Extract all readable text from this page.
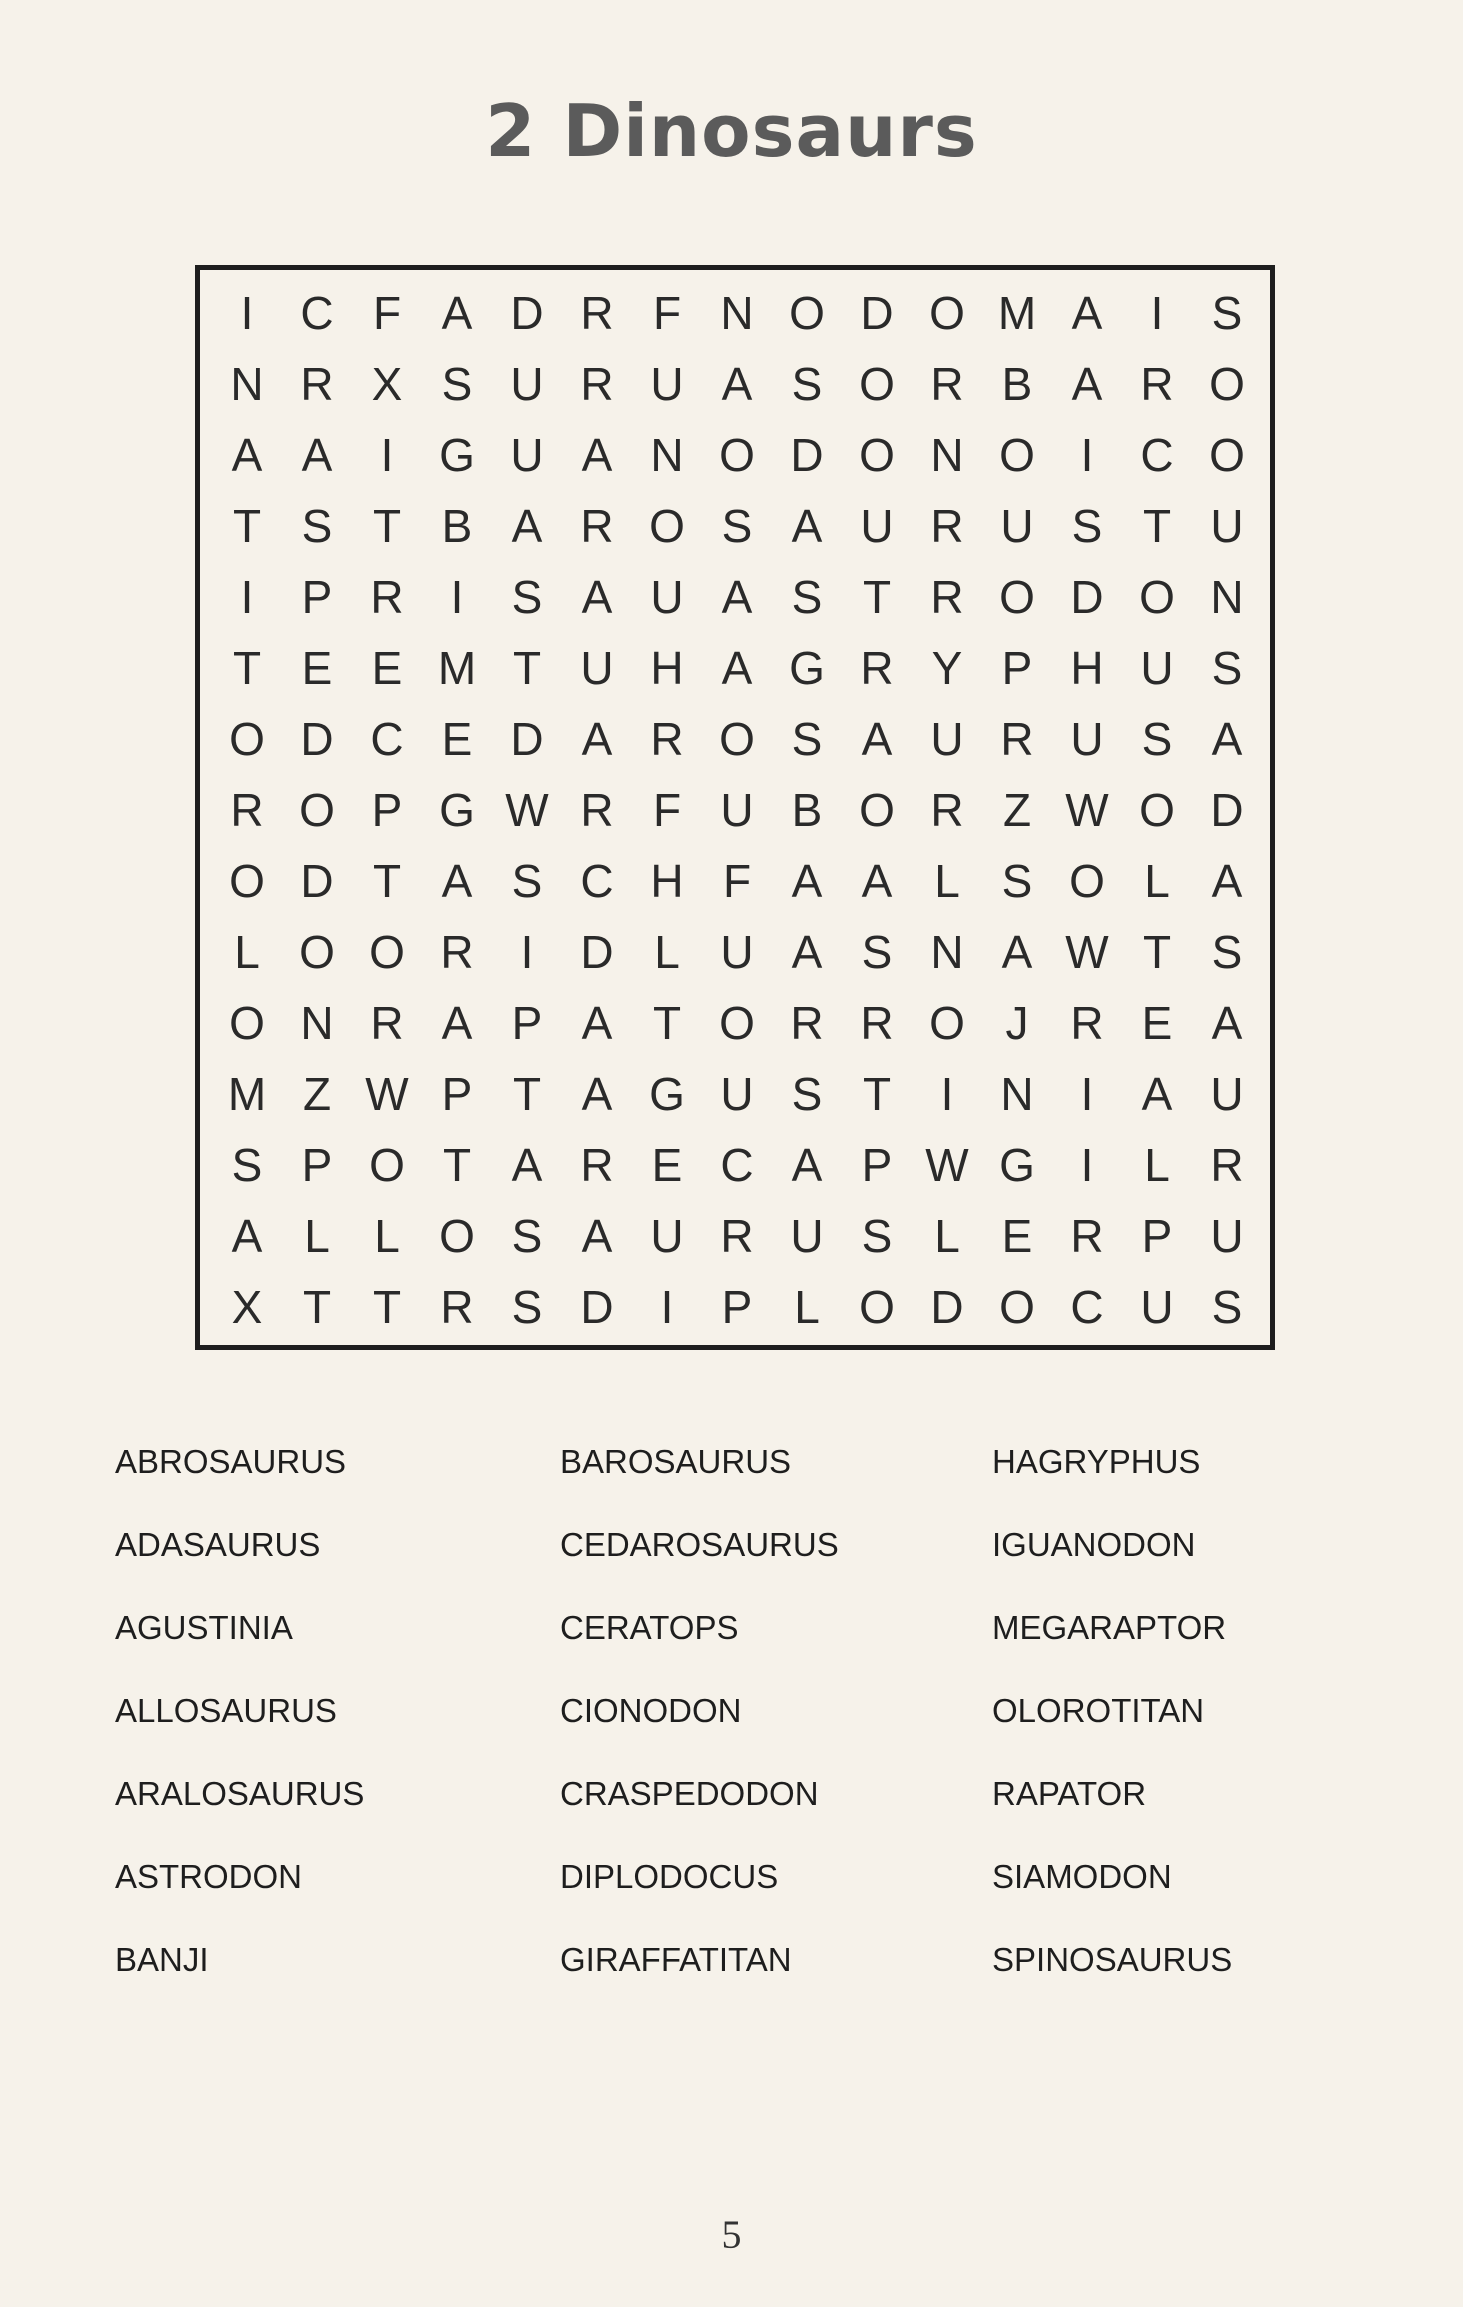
2 Dinosaurs
I	C F A D R F N O D O M A	I	S
N R X S U R U A S O R B A R O
A A	I G U A N O D O N O I	C O
T S T B A R O S A U R U S T U
I	P R	I	S A U A S T R O D O N
T E E M T U H A G R Y P H U S
O D C E D A R O S A U R U S A
R O P G W R F U B O R Z W O D
O D T A S C H F A A L S O L A
L O O R	I	D L U A S N A W T S
O N R A P A T O R R O J R E A
M Z W P T A G U S T	I	N	I	A U
S P O T A R E C A P W G I	L R
A L L O S A U R U S L E R P U
X T T R S D	I	P L O D O C U S
ABROSAURUS	BAROSAURUS	HAGRYPHUS
ADASAURUS	CEDAROSAURUS	IGUANODON
AGUSTINIA	CERATOPS	MEGARAPTOR
ALLOSAURUS	CIONODON	OLOROTITAN
ARALOSAURUS	CRASPEDODON	RAPATOR
ASTRODON	DIPLODOCUS	SIAMODON
BANJI	GIRAFFATITAN	SPINOSAURUS
5
